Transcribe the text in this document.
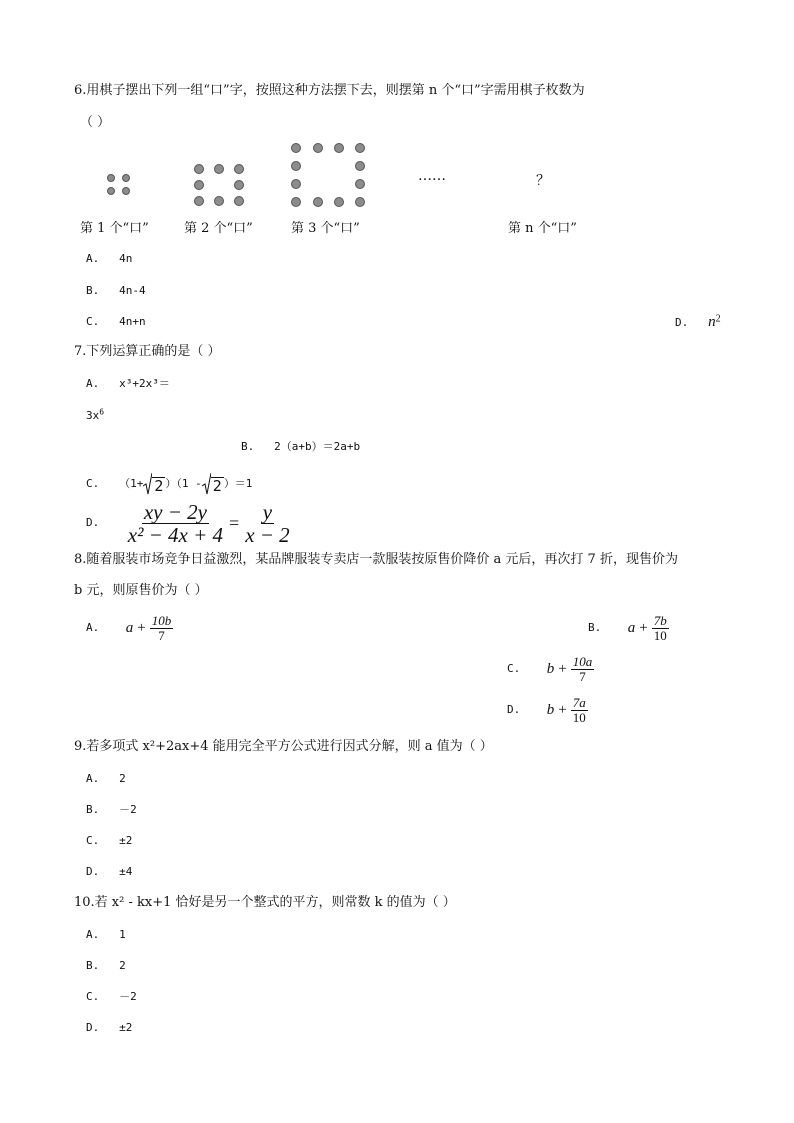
6.用棋子摆出下列一组“口”字，按照这种方法摆下去，则摆第 n 个“口”字需用棋子枚数为
（ ）
……	？
第 1 个“口”	第 2 个“口”	第 3 个“口”	第 n 个“口”
A. 4n
B. 4n-4
C. 4n+n	D. $n^2$
7.下列运算正确的是（ ）
A. x³+2x³＝
$3x^6$
B. 2（a+b）＝2a+b
C.
（1+ 2 ）（1 - 2 ）＝1
D.
$\frac{xy - 2y}{\text{x² − 4x + 4}} = \frac{y}{x - 2}$
8.随着服装市场竞争日益激烈，某品牌服装专卖店一款服装按原售价降价 a 元后，再次打 7 折，现售价为
b 元，则原售价为（ ）
A.
$a + \frac{10b}{7}$	B.
$a + \frac{7b}{10}$
C.
$b + \frac{10a}{7}$
D.
$b + \frac{7a}{10}$
9.若多项式 x²+2ax+4 能用完全平方公式进行因式分解，则 a 值为（ ）
A. 2
B. －2
C. ±2
D. ±4
10.若 x² - kx+1 恰好是另一个整式的平方，则常数 k 的值为（ ）
A. 1
B. 2
C. －2
D. ±2
